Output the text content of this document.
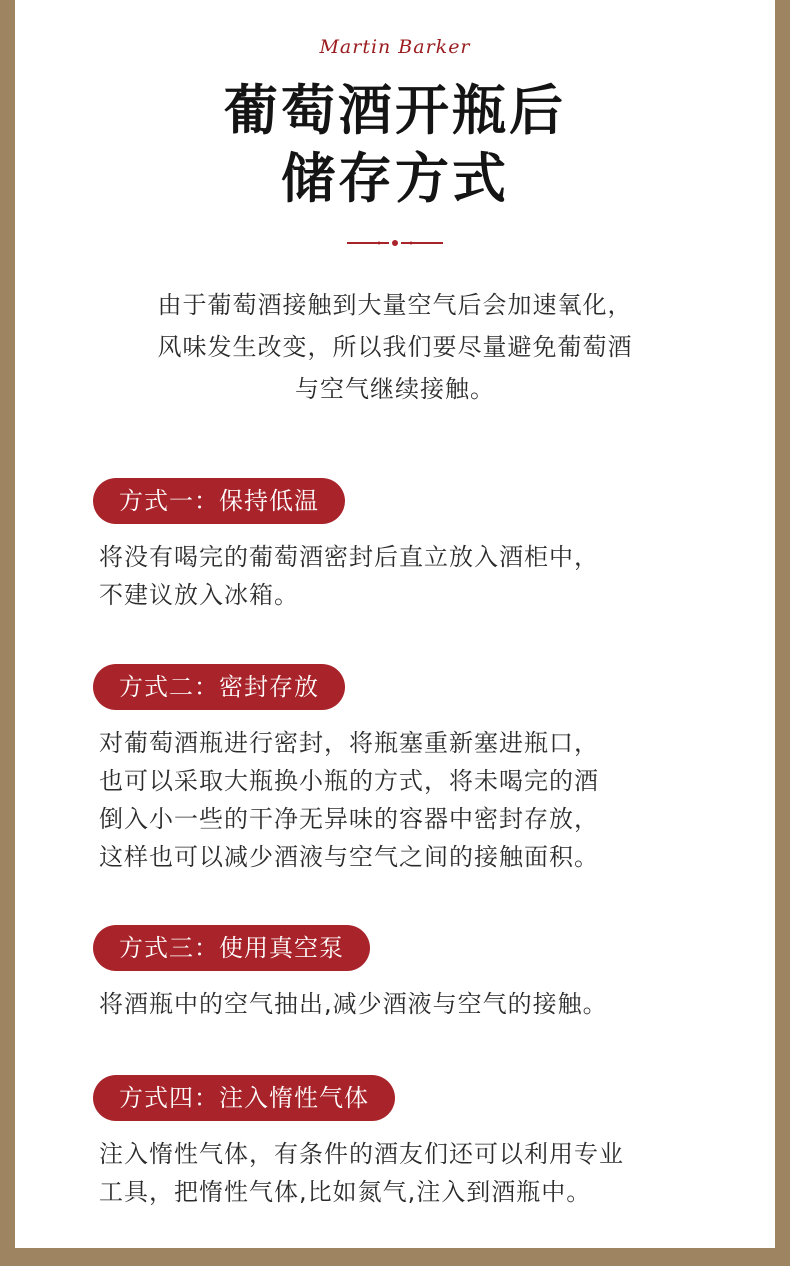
Martin Barker
葡萄酒开瓶后
储存方式
由于葡萄酒接触到大量空气后会加速氧化，
风味发生改变，所以我们要尽量避免葡萄酒
与空气继续接触。
方式一：保持低温
将没有喝完的葡萄酒密封后直立放入酒柜中，
不建议放入冰箱。
方式二：密封存放
对葡萄酒瓶进行密封，将瓶塞重新塞进瓶口，
也可以采取大瓶换小瓶的方式，将未喝完的酒
倒入小一些的干净无异味的容器中密封存放，
这样也可以减少酒液与空气之间的接触面积。
方式三：使用真空泵
将酒瓶中的空气抽出,减少酒液与空气的接触。
方式四：注入惰性气体
注入惰性气体，有条件的酒友们还可以利用专业
工具，把惰性气体,比如氮气,注入到酒瓶中。
